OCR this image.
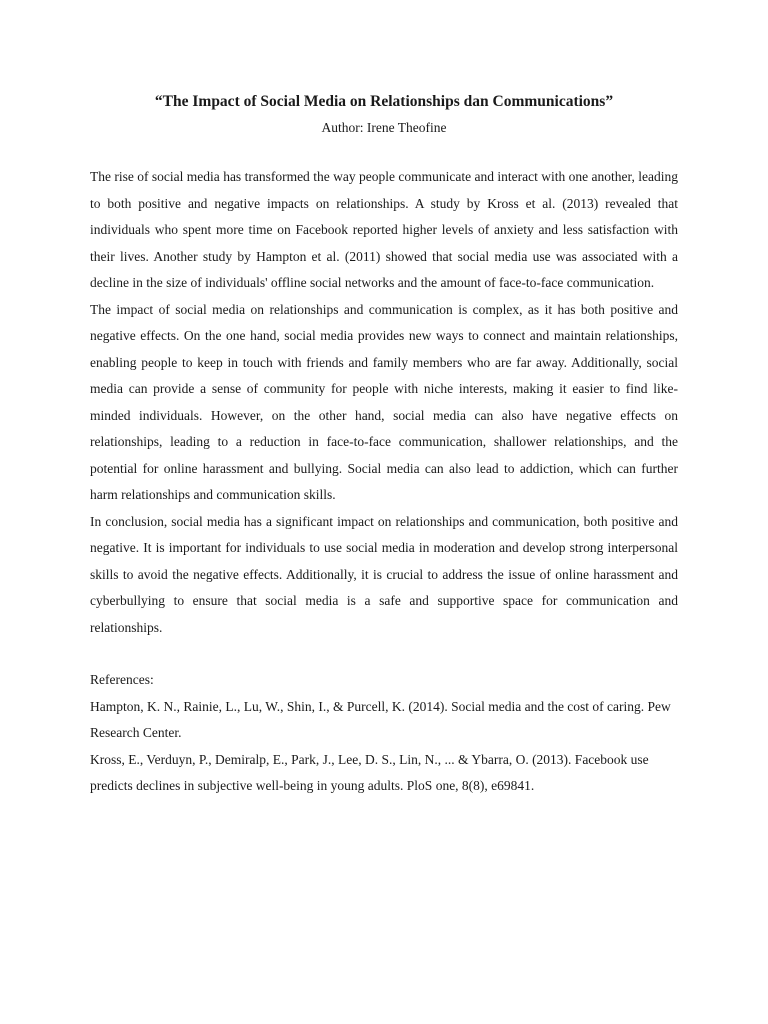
“The Impact of Social Media on Relationships dan Communications”

Author: Irene Theofine

The rise of social media has transformed the way people communicate and interact with one another, leading to both positive and negative impacts on relationships. A study by Kross et al. (2013) revealed that individuals who spent more time on Facebook reported higher levels of anxiety and less satisfaction with their lives. Another study by Hampton et al. (2011) showed that social media use was associated with a decline in the size of individuals' offline social networks and the amount of face-to-face communication.

The impact of social media on relationships and communication is complex, as it has both positive and negative effects. On the one hand, social media provides new ways to connect and maintain relationships, enabling people to keep in touch with friends and family members who are far away. Additionally, social media can provide a sense of community for people with niche interests, making it easier to find like-minded individuals. However, on the other hand, social media can also have negative effects on relationships, leading to a reduction in face-to-face communication, shallower relationships, and the potential for online harassment and bullying. Social media can also lead to addiction, which can further harm relationships and communication skills.

In conclusion, social media has a significant impact on relationships and communication, both positive and negative. It is important for individuals to use social media in moderation and develop strong interpersonal skills to avoid the negative effects. Additionally, it is crucial to address the issue of online harassment and cyberbullying to ensure that social media is a safe and supportive space for communication and relationships.

References:

Hampton, K. N., Rainie, L., Lu, W., Shin, I., & Purcell, K. (2014). Social media and the cost of caring. Pew Research Center.

Kross, E., Verduyn, P., Demiralp, E., Park, J., Lee, D. S., Lin, N., ... & Ybarra, O. (2013). Facebook use predicts declines in subjective well-being in young adults. PloS one, 8(8), e69841.
